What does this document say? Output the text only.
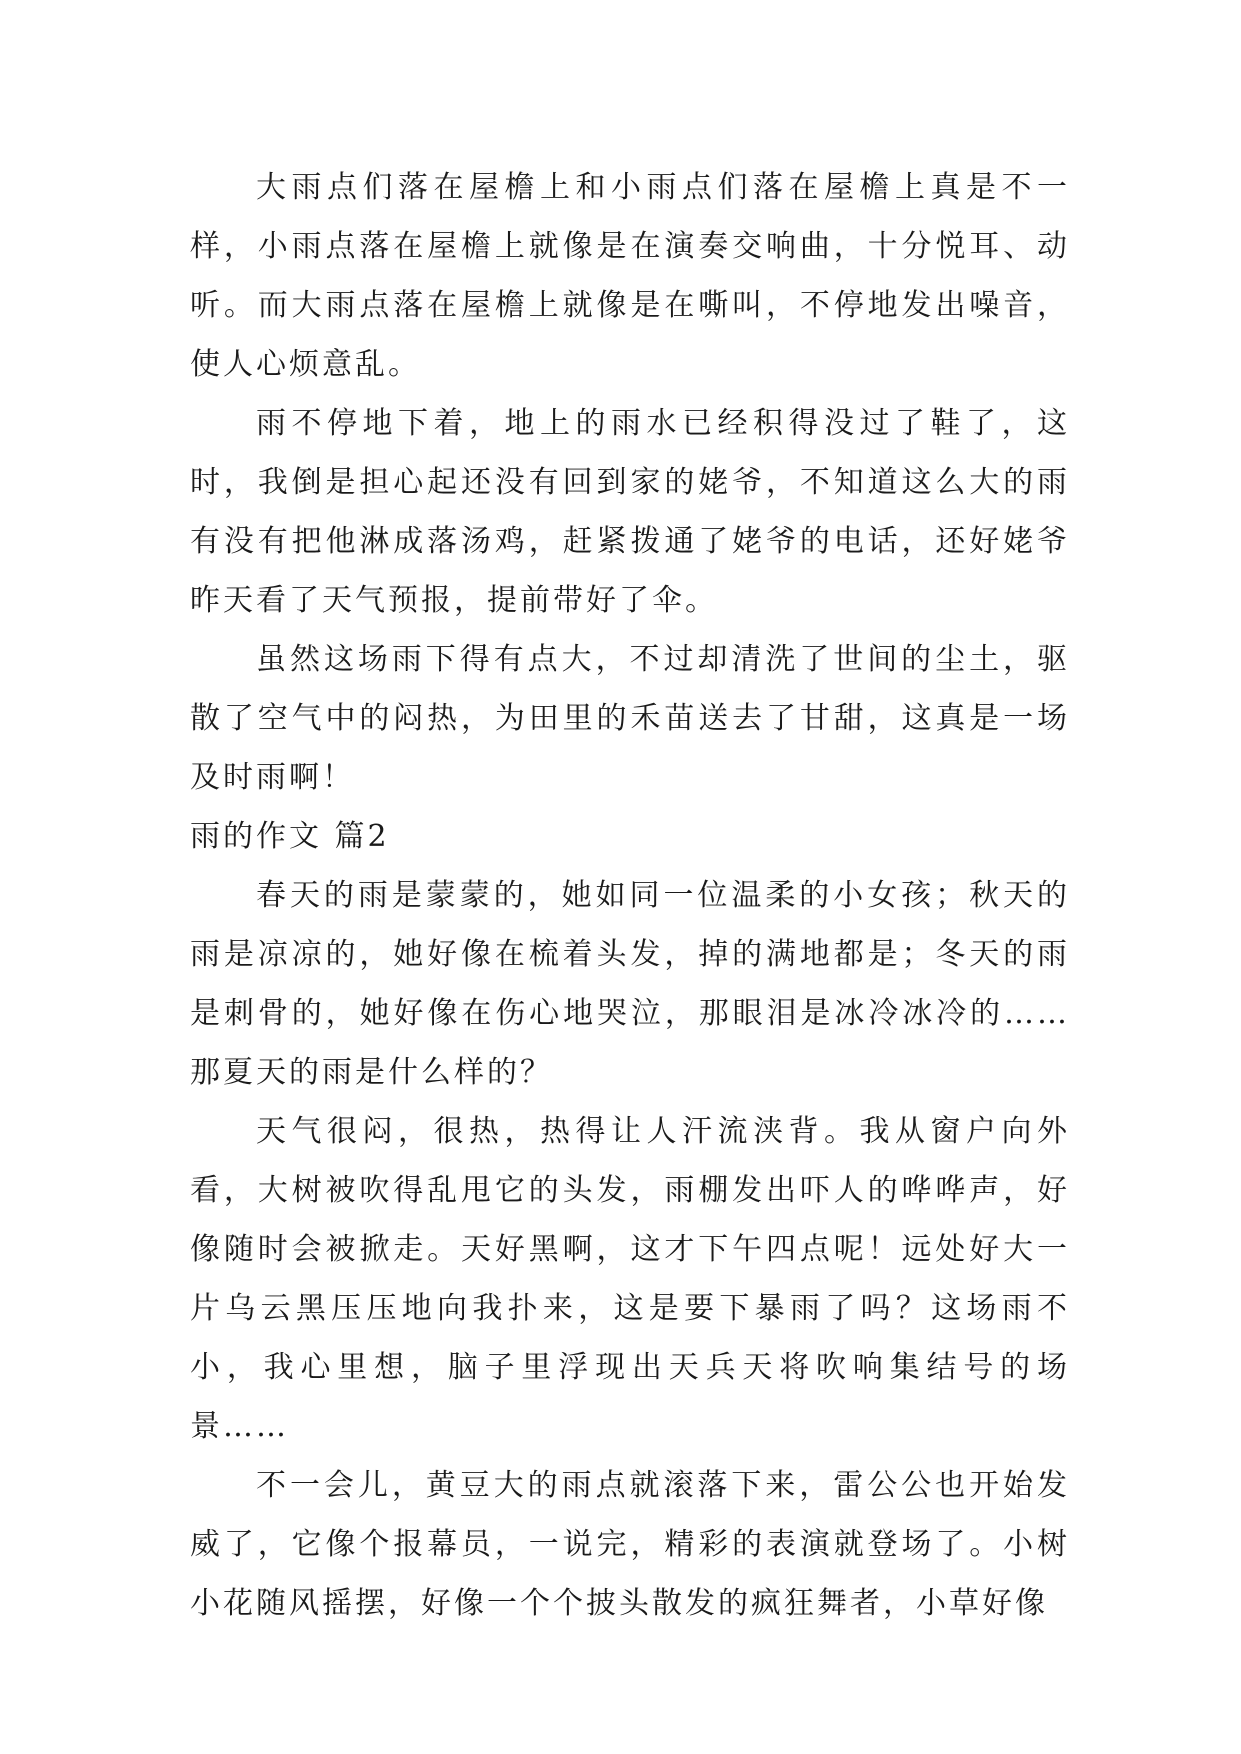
大雨点们落在屋檐上和小雨点们落在屋檐上真是不一样，小雨点落在屋檐上就像是在演奏交响曲，十分悦耳、动听。而大雨点落在屋檐上就像是在嘶叫，不停地发出噪音，使人心烦意乱。

雨不停地下着，地上的雨水已经积得没过了鞋了，这时，我倒是担心起还没有回到家的姥爷，不知道这么大的雨有没有把他淋成落汤鸡，赶紧拨通了姥爷的电话，还好姥爷昨天看了天气预报，提前带好了伞。

虽然这场雨下得有点大，不过却清洗了世间的尘土，驱散了空气中的闷热，为田里的禾苗送去了甘甜，这真是一场及时雨啊！

雨的作文 篇2

春天的雨是蒙蒙的，她如同一位温柔的小女孩；秋天的雨是凉凉的，她好像在梳着头发，掉的满地都是；冬天的雨是刺骨的，她好像在伤心地哭泣，那眼泪是冰冷冰冷的……那夏天的雨是什么样的？

天气很闷，很热，热得让人汗流浃背。我从窗户向外看，大树被吹得乱甩它的头发，雨棚发出吓人的哗哗声，好像随时会被掀走。天好黑啊，这才下午四点呢！远处好大一片乌云黑压压地向我扑来，这是要下暴雨了吗？这场雨不小，我心里想，脑子里浮现出天兵天将吹响集结号的场景……

不一会儿，黄豆大的雨点就滚落下来，雷公公也开始发威了，它像个报幕员，一说完，精彩的表演就登场了。小树小花随风摇摆，好像一个个披头散发的疯狂舞者，小草好像
